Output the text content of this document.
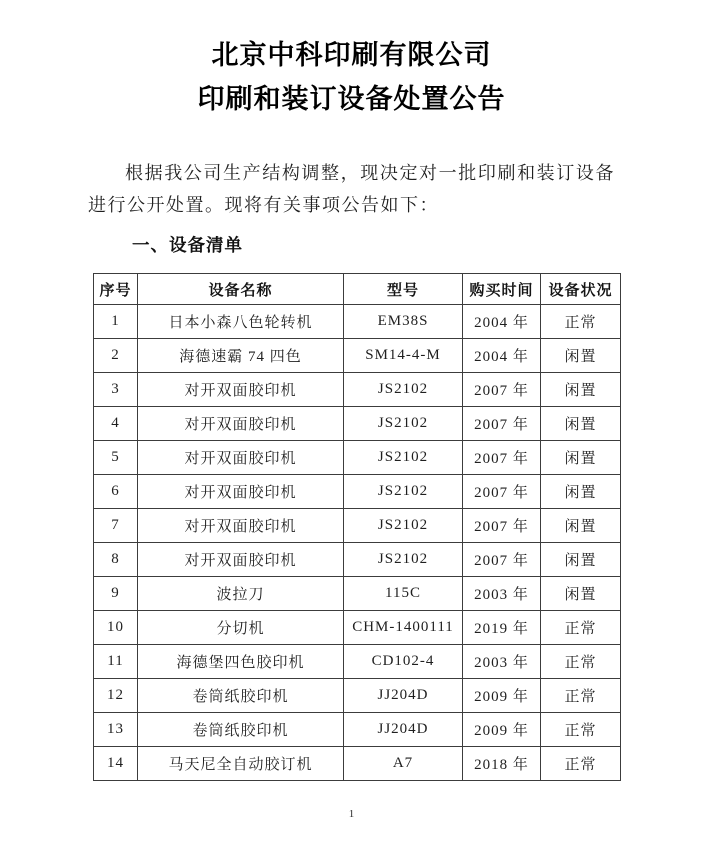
北京中科印刷有限公司
印刷和装订设备处置公告

根据我公司生产结构调整，现决定对一批印刷和装订设备进行公开处置。现将有关事项公告如下：

一、设备清单
序号	设备名称	型号	购买时间	设备状况
1	日本小森八色轮转机	EM38S	2004 年	正常
2	海德速霸 74 四色	SM14-4-M	2004 年	闲置
3	对开双面胶印机	JS2102	2007 年	闲置
4	对开双面胶印机	JS2102	2007 年	闲置
5	对开双面胶印机	JS2102	2007 年	闲置
6	对开双面胶印机	JS2102	2007 年	闲置
7	对开双面胶印机	JS2102	2007 年	闲置
8	对开双面胶印机	JS2102	2007 年	闲置
9	波拉刀	115C	2003 年	闲置
10	分切机	CHM-1400111	2019 年	正常
11	海德堡四色胶印机	CD102-4	2003 年	正常
12	卷筒纸胶印机	JJ204D	2009 年	正常
13	卷筒纸胶印机	JJ204D	2009 年	正常
14	马天尼全自动胶订机	A7	2018 年	正常
1
